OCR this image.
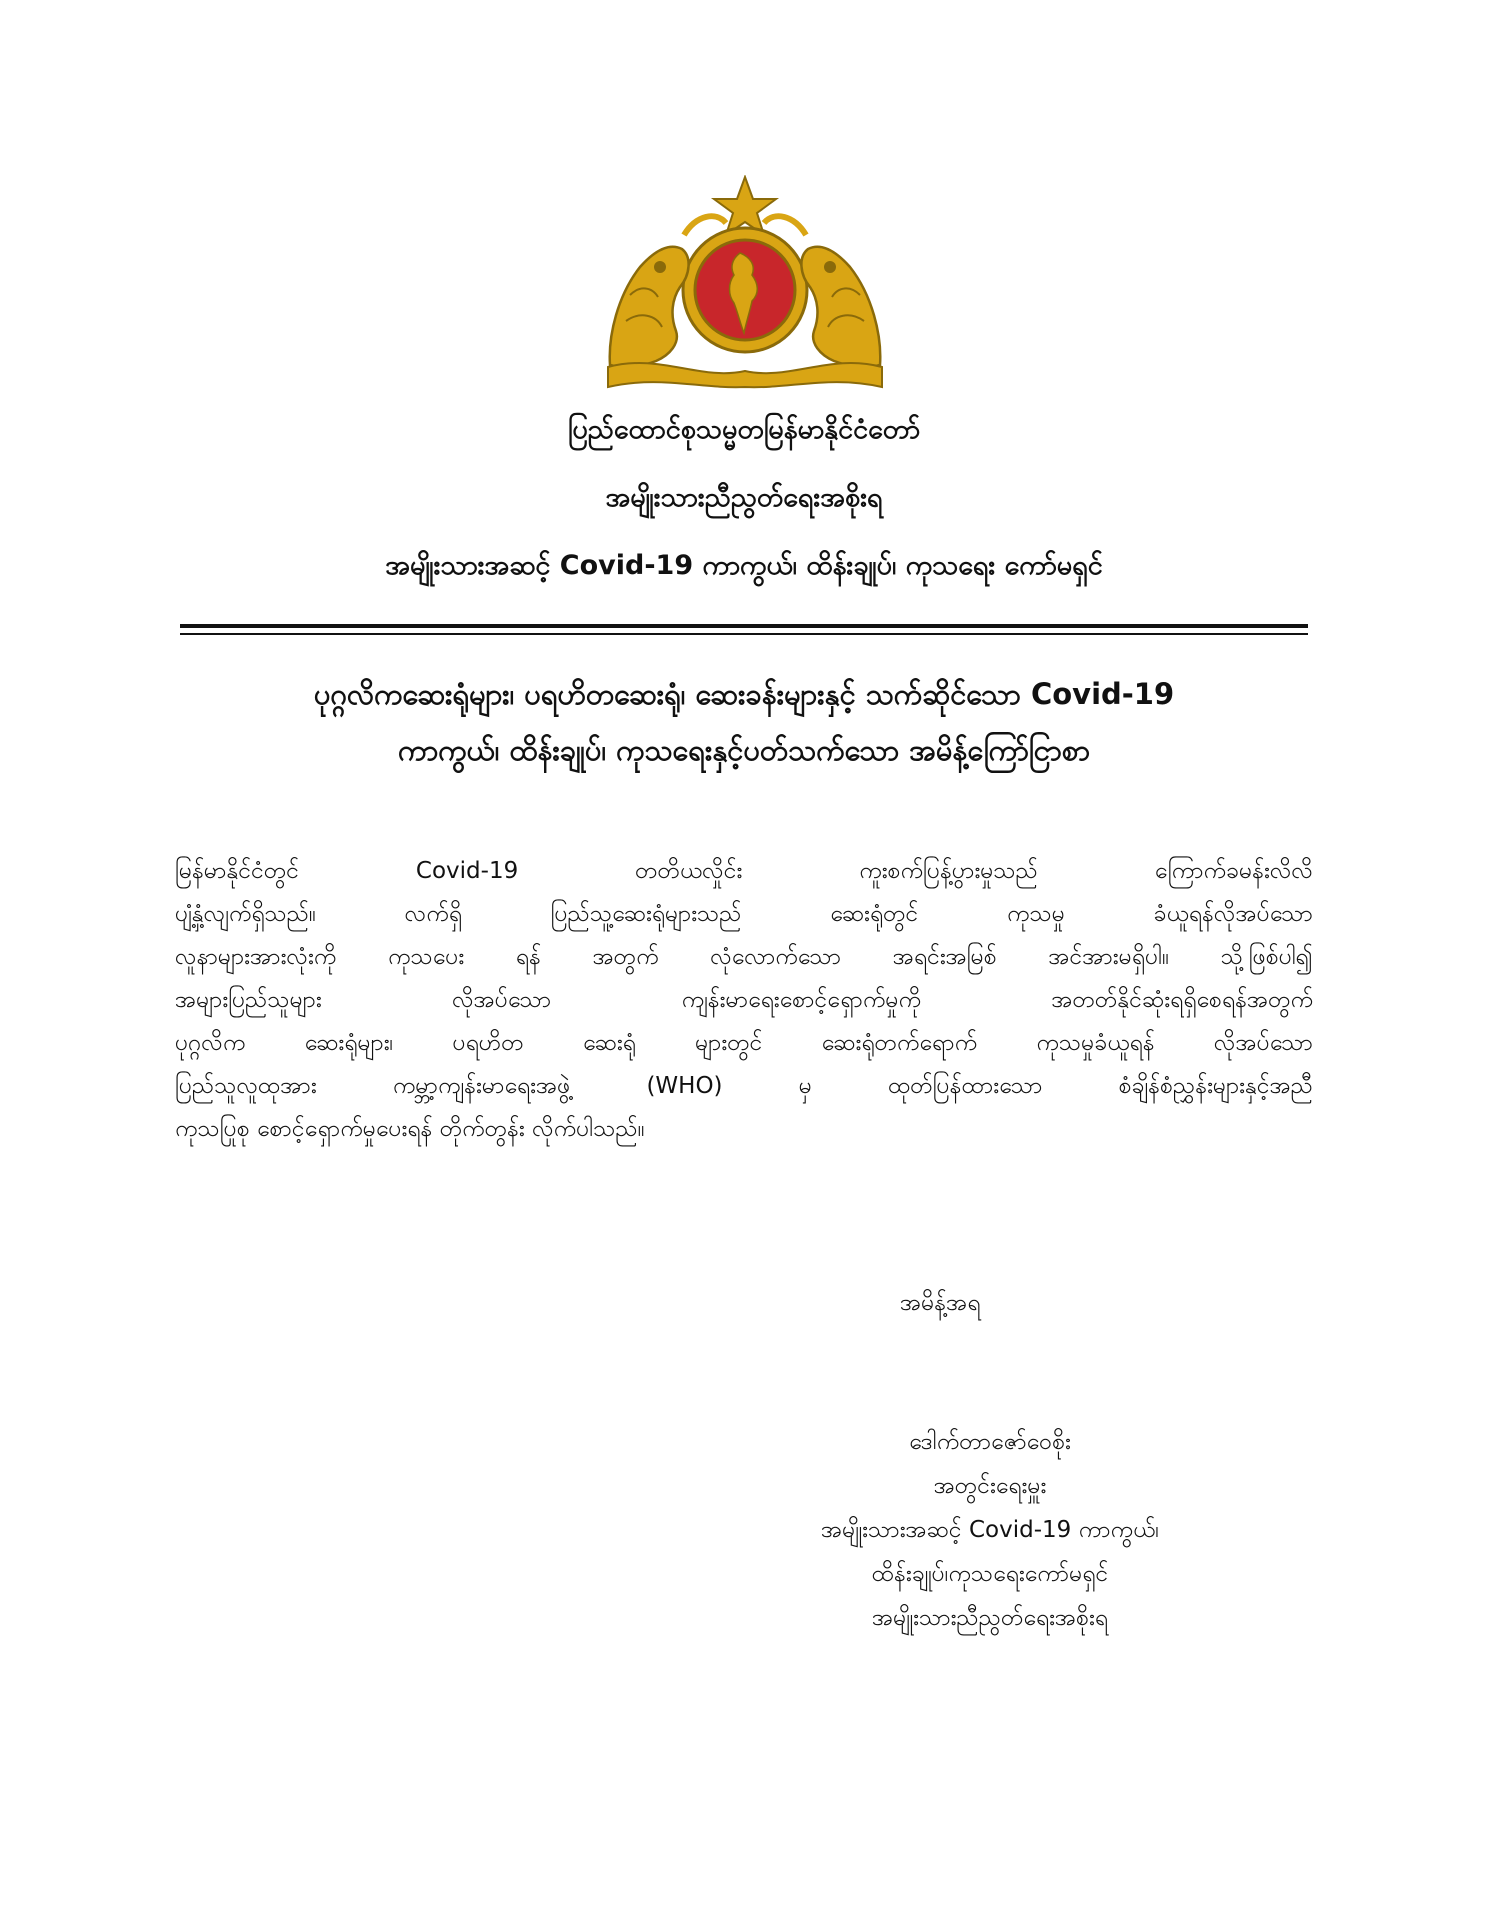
ပြည်ထောင်စုသမ္မတမြန်မာနိုင်ငံတော်
အမျိုးသားညီညွတ်ရေးအစိုးရ
အမျိုးသားအဆင့် Covid-19 ကာကွယ်၊ ထိန်းချုပ်၊ ကုသရေး ကော်မရှင်
ပုဂ္ဂလိကဆေးရုံများ၊ ပရဟိတဆေးရုံ၊ ဆေးခန်းများနှင့် သက်ဆိုင်သော Covid-19
ကာကွယ်၊ ထိန်းချုပ်၊ ကုသရေးနှင့်ပတ်သက်သော အမိန့်ကြော်ငြာစာ
မြန်မာနိုင်ငံတွင် Covid-19 တတိယလှိုင်း ကူးစက်ပြန့်ပွားမှုသည် ကြောက်ခမန်းလိလိ
ပျံ့နှံ့လျက်ရှိသည်။ လက်ရှိ ပြည်သူ့ဆေးရုံများသည် ဆေးရုံတွင် ကုသမှု ခံယူရန်လိုအပ်သော
လူနာများအားလုံးကို ကုသပေး ရန် အတွက် လုံလောက်သော အရင်းအမြစ် အင်အားမရှိပါ။ သို့ဖြစ်ပါ၍
အများပြည်သူများ လိုအပ်သော ကျန်းမာရေးစောင့်ရှောက်မှုကို အတတ်နိုင်ဆုံးရရှိစေရန်အတွက်
ပုဂ္ဂလိက ဆေးရုံများ၊ ပရဟိတ ဆေးရုံ များတွင် ဆေးရုံတက်ရောက် ကုသမှုခံယူရန် လိုအပ်သော
ပြည်သူလူထုအား ကမ္ဘာ့ကျန်းမာရေးအဖွဲ့ (WHO) မှ ထုတ်ပြန်ထားသော စံချိန်စံညွှန်းများနှင့်အညီ
ကုသပြုစု စောင့်ရှောက်မှုပေးရန် တိုက်တွန်း လိုက်ပါသည်။
အမိန့်အရ
ဒေါက်တာဇော်ဝေစိုး
အတွင်းရေးမှူး
အမျိုးသားအဆင့် Covid-19 ကာကွယ်၊
ထိန်းချုပ်၊ကုသရေးကော်မရှင်
အမျိုးသားညီညွတ်ရေးအစိုးရ
